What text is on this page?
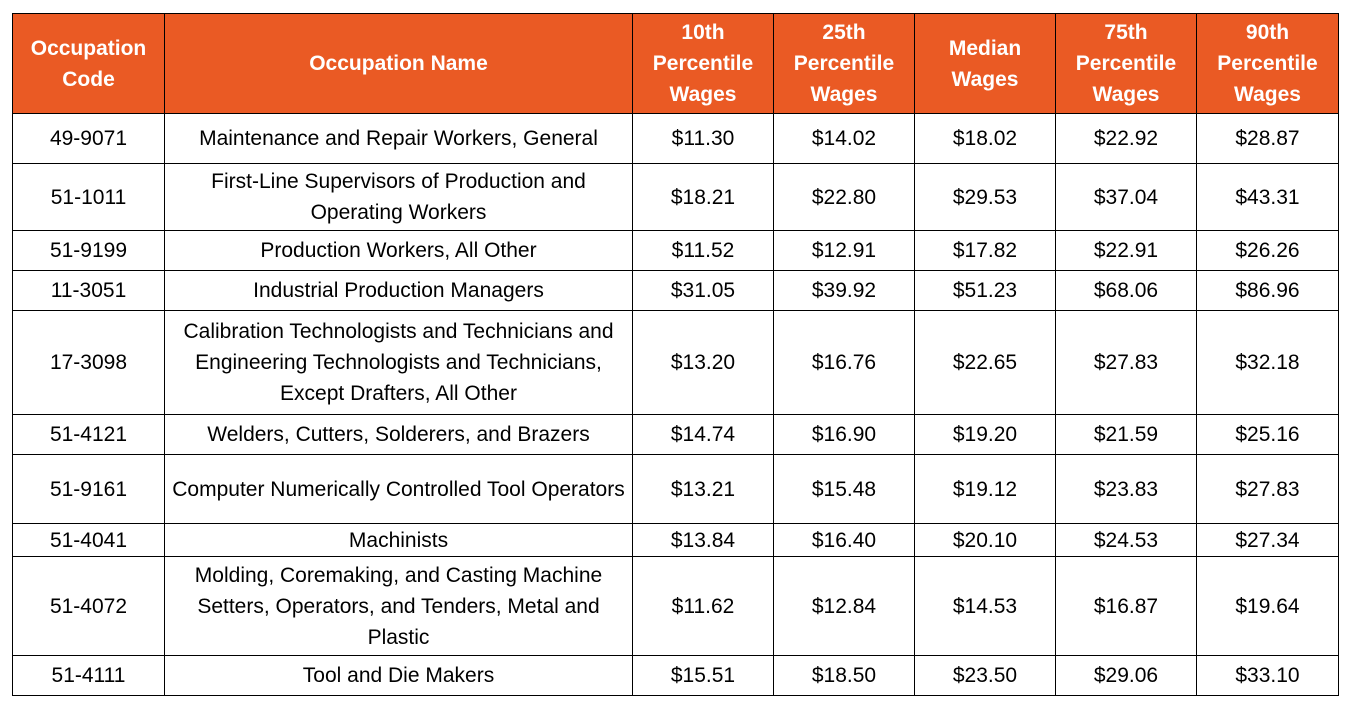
Occupation Code	Occupation Name	10th Percentile Wages	25th Percentile Wages	Median Wages	75th Percentile Wages	90th Percentile Wages
49-9071	Maintenance and Repair Workers, General	$11.30	$14.02	$18.02	$22.92	$28.87
51-1011	First-Line Supervisors of Production and Operating Workers	$18.21	$22.80	$29.53	$37.04	$43.31
51-9199	Production Workers, All Other	$11.52	$12.91	$17.82	$22.91	$26.26
11-3051	Industrial Production Managers	$31.05	$39.92	$51.23	$68.06	$86.96
17-3098	Calibration Technologists and Technicians and Engineering Technologists and Technicians, Except Drafters, All Other	$13.20	$16.76	$22.65	$27.83	$32.18
51-4121	Welders, Cutters, Solderers, and Brazers	$14.74	$16.90	$19.20	$21.59	$25.16
51-9161	Computer Numerically Controlled Tool Operators	$13.21	$15.48	$19.12	$23.83	$27.83
51-4041	Machinists	$13.84	$16.40	$20.10	$24.53	$27.34
51-4072	Molding, Coremaking, and Casting Machine Setters, Operators, and Tenders, Metal and Plastic	$11.62	$12.84	$14.53	$16.87	$19.64
51-4111	Tool and Die Makers	$15.51	$18.50	$23.50	$29.06	$33.10
